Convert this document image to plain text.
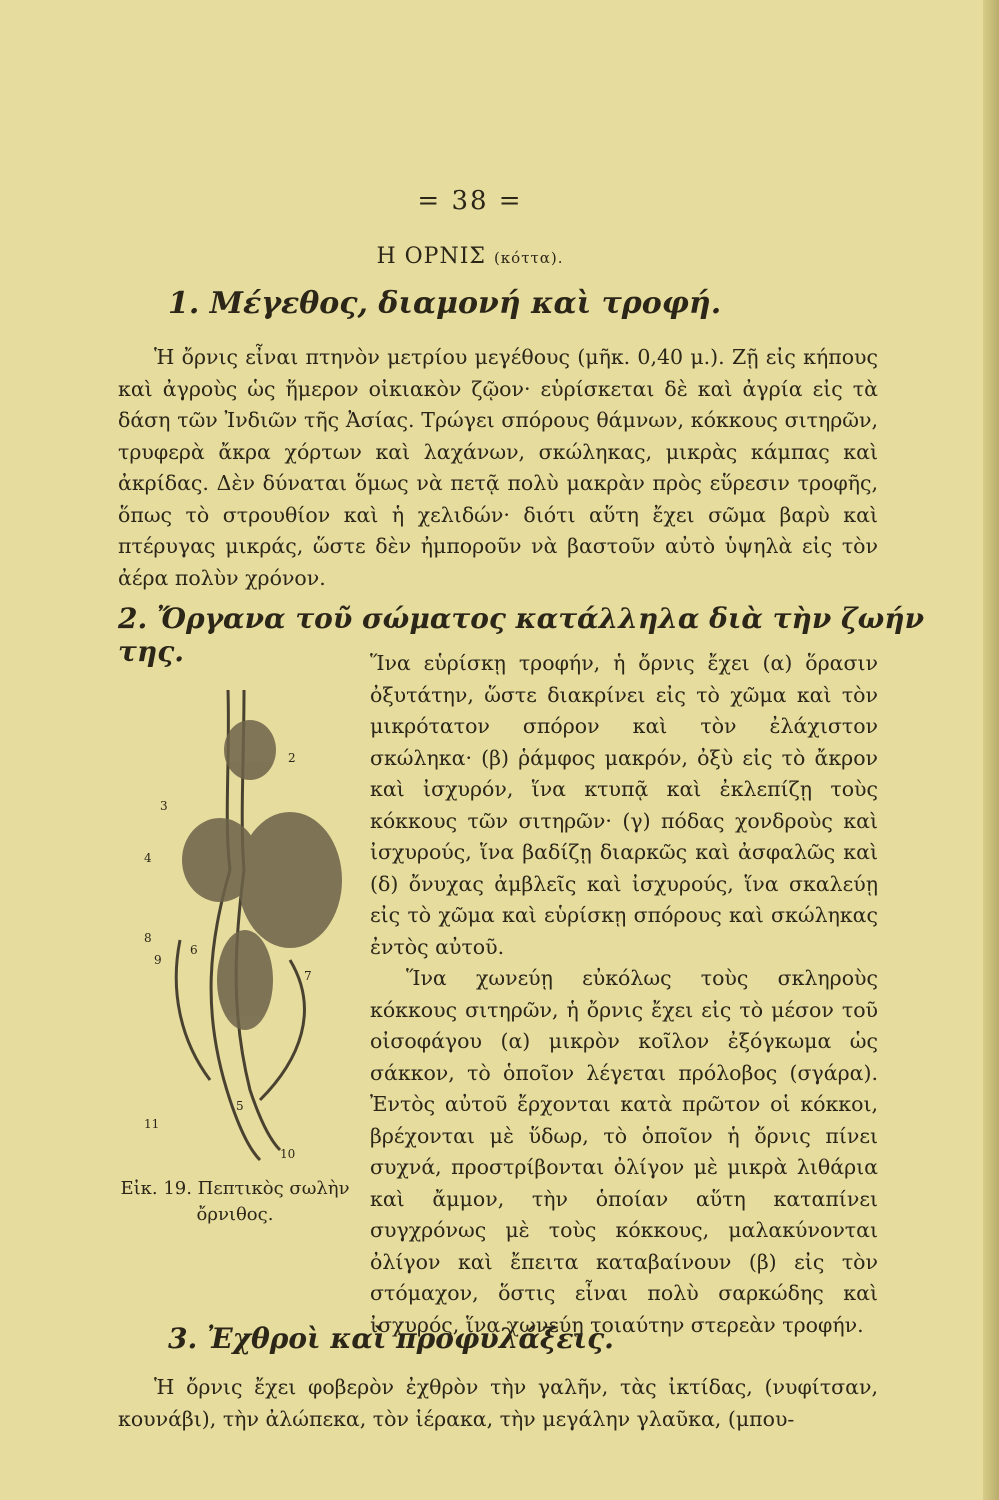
= 38 =
Η ΟΡΝΙΣ (κόττα).
1. Μέγεθος, διαμονή καὶ τροφή.

Ἡ ὄρνις εἶναι πτηνὸν μετρίου μεγέθους (μῆκ. 0,40 μ.). Ζῇ εἰς κήπους καὶ ἀγροὺς ὡς ἥμερον οἰκιακὸν ζῷον· εὑρίσκεται δὲ καὶ ἀγρία εἰς τὰ δάση τῶν Ἰνδιῶν τῆς Ἀσίας. Τρώγει σπόρους θάμνων, κόκκους σιτηρῶν, τρυφερὰ ἄκρα χόρτων καὶ λαχάνων, σκώληκας, μικρὰς κάμπας καὶ ἀκρίδας. Δὲν δύναται ὅμως νὰ πετᾷ πολὺ μακρὰν πρὸς εὕρεσιν τροφῆς, ὅπως τὸ στρουθίον καὶ ἡ χελιδών· διότι αὕτη ἔχει σῶμα βαρὺ καὶ πτέρυγας μικράς, ὥστε δὲν ἠμποροῦν νὰ βαστοῦν αὐτὸ ὑψηλὰ εἰς τὸν ἀέρα πολὺν χρόνον.

2. Ὄργανα τοῦ σώματος κατάλληλα διὰ τὴν ζωήν της.	Ἵνα εὑρίσκῃ τροφήν, ἡ ὄρνις ἔχει (α) ὅρασιν ὀξυτάτην, ὥστε διακρίνει εἰς τὸ χῶμα καὶ τὸν μικρότατον σπόρον καὶ τὸν ἐλάχιστον σκώληκα· (β) ῥάμφος μακρόν, ὀξὺ εἰς τὸ ἄκρον καὶ ἰσχυρόν, ἵνα κτυπᾷ καὶ ἐκλεπίζῃ τοὺς κόκκους τῶν σιτηρῶν· (γ) πόδας χονδροὺς καὶ ἰσχυρούς, ἵνα βαδίζῃ διαρκῶς καὶ ἀσφαλῶς καὶ (δ) ὄνυχας ἀμβλεῖς καὶ ἰσχυρούς, ἵνα σκαλεύῃ εἰς τὸ χῶμα καὶ εὑρίσκῃ σπόρους καὶ σκώληκας ἐντὸς αὐτοῦ.

Ἵνα χωνεύῃ εὐκόλως τοὺς σκληροὺς κόκκους σιτηρῶν, ἡ ὄρνις ἔχει εἰς τὸ μέσον τοῦ οἰσοφάγου (α) μικρὸν κοῖλον ἐξόγκωμα ὡς σάκκον, τὸ ὁποῖον λέγεται πρόλοβος (σγάρα). Ἐντὸς αὐτοῦ ἔρχονται κατὰ πρῶτον οἱ κόκκοι, βρέχονται μὲ ὕδωρ, τὸ ὁποῖον ἡ ὄρνις πίνει συχνά, προστρίβονται ὀλίγον μὲ μικρὰ λιθάρια καὶ ἄμμον, τὴν ὁποίαν αὕτη καταπίνει συγχρόνως μὲ τοὺς κόκκους, μαλακύνονται ὀλίγον καὶ ἔπειτα καταβαίνουν (β) εἰς τὸν στόμαχον, ὅστις εἶναι πολὺ σαρκώδης καὶ ἰσχυρός, ἵνα χωνεύῃ τοιαύτην στερεὰν τροφήν.

2
3
4
5
6
7
8
9
10
11
Εἰκ. 19. Πεπτικὸς σωλὴν ὄρνιθος.
3. Ἐχθροὶ καὶ προφυλάξεις.

Ἡ ὄρνις ἔχει φοβερὸν ἐχθρὸν τὴν γαλῆν, τὰς ἰκτίδας, (νυφίτσαν, κουνάβι), τὴν ἀλώπεκα, τὸν ἱέρακα, τὴν μεγάλην γλαῦκα, (μπου-
